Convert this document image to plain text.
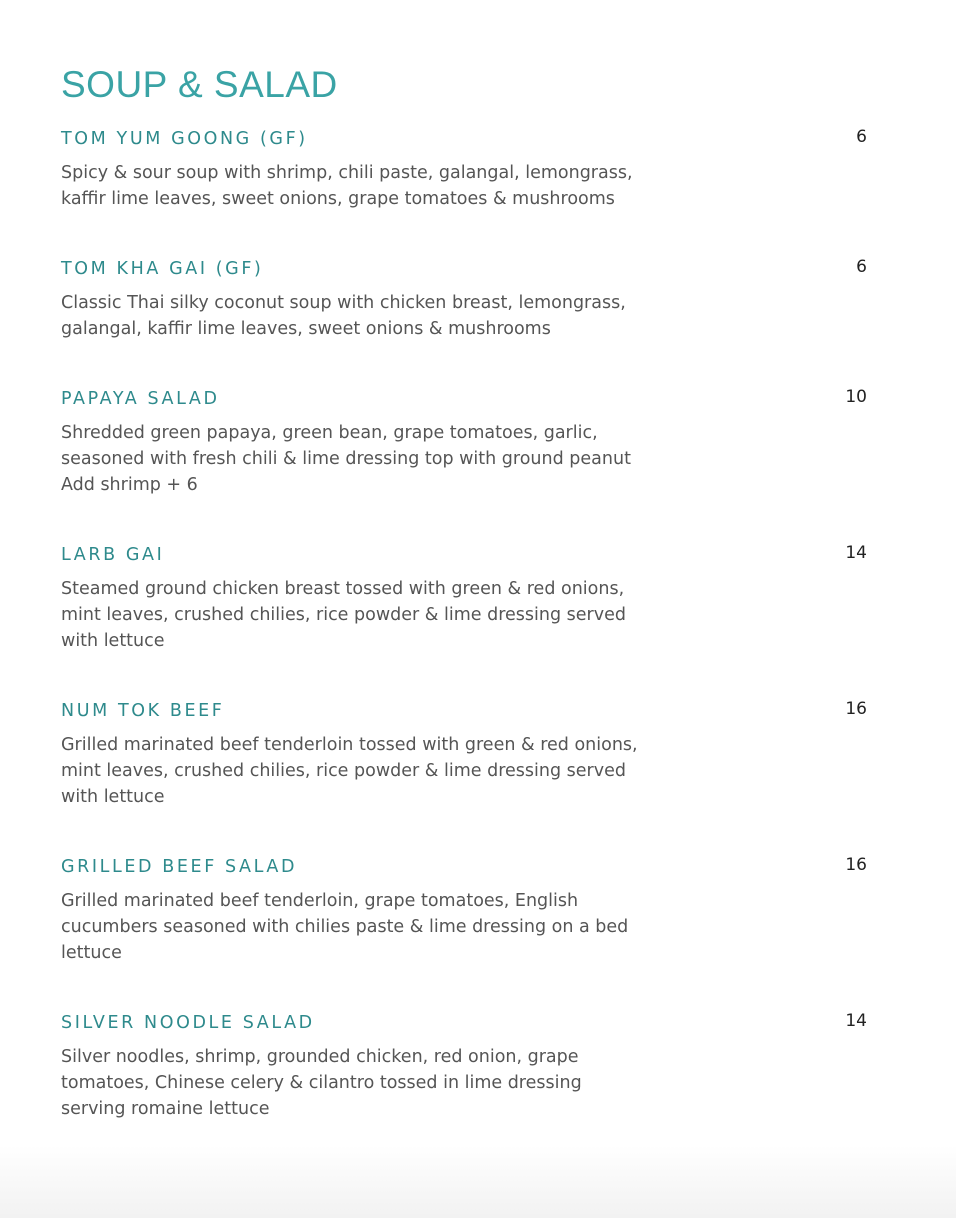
SOUP & SALAD
TOM YUM GOONG (GF)	6

Spicy & sour soup with shrimp, chili paste, galangal, lemongrass,
kaffir lime leaves, sweet onions, grape tomatoes & mushrooms

TOM KHA GAI (GF)	6

Classic Thai silky coconut soup with chicken breast, lemongrass,
galangal, kaffir lime leaves, sweet onions & mushrooms

PAPAYA SALAD	10

Shredded green papaya, green bean, grape tomatoes, garlic,
seasoned with fresh chili & lime dressing top with ground peanut
Add shrimp + 6

LARB GAI	14

Steamed ground chicken breast tossed with green & red onions,
mint leaves, crushed chilies, rice powder & lime dressing served
with lettuce

NUM TOK BEEF	16

Grilled marinated beef tenderloin tossed with green & red onions,
mint leaves, crushed chilies, rice powder & lime dressing served
with lettuce

GRILLED BEEF SALAD	16

Grilled marinated beef tenderloin, grape tomatoes, English
cucumbers seasoned with chilies paste & lime dressing on a bed
lettuce

SILVER NOODLE SALAD	14

Silver noodles, shrimp, grounded chicken, red onion, grape
tomatoes, Chinese celery & cilantro tossed in lime dressing
serving romaine lettuce
